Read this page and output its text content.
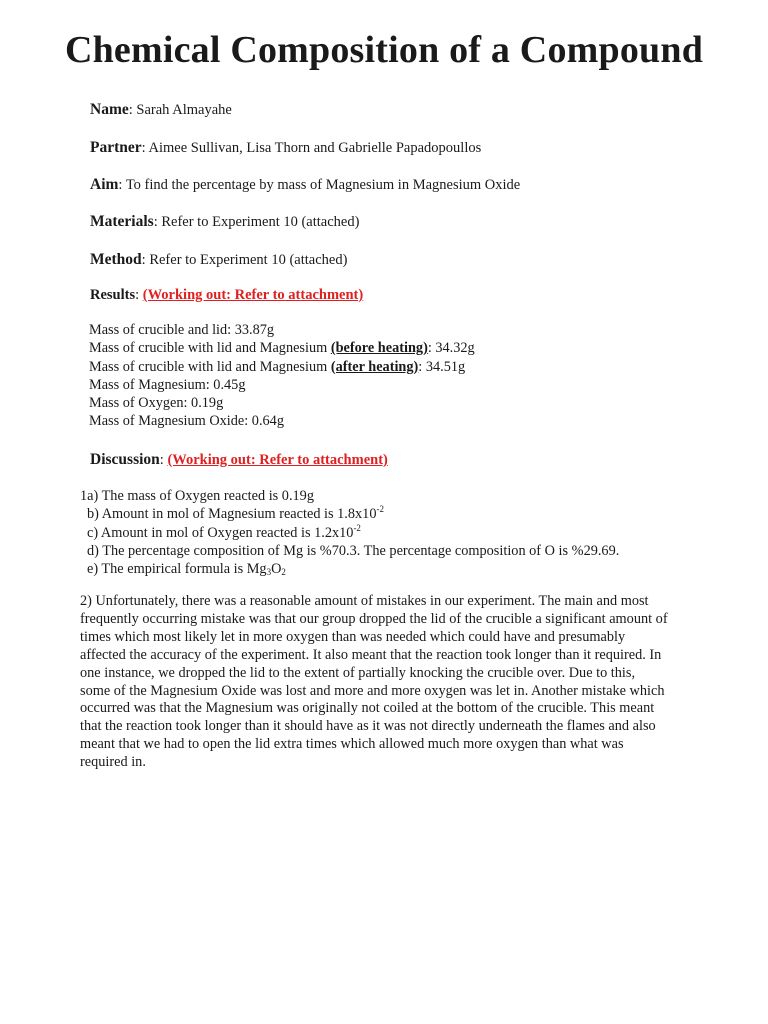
Chemical Composition of a Compound
Name: Sarah Almayahe
Partner: Aimee Sullivan, Lisa Thorn and Gabrielle Papadopoullos
Aim: To find the percentage by mass of Magnesium in Magnesium Oxide
Materials: Refer to Experiment 10 (attached)
Method: Refer to Experiment 10 (attached)
Results: (Working out: Refer to attachment)
Mass of crucible and lid: 33.87g
Mass of crucible with lid and Magnesium (before heating): 34.32g
Mass of crucible with lid and Magnesium (after heating): 34.51g
Mass of Magnesium: 0.45g
Mass of Oxygen: 0.19g
Mass of Magnesium Oxide: 0.64g
Discussion: (Working out: Refer to attachment)
1a) The mass of Oxygen reacted is 0.19g
b) Amount in mol of Magnesium reacted is $1.8x10^{-2}$
c) Amount in mol of Oxygen reacted is $1.2x10^{-2}$
d) The percentage composition of Mg is %70.3. The percentage composition of O is %29.69.
e) The empirical formula is $Mg_3O_2$

2) Unfortunately, there was a reasonable amount of mistakes in our experiment. The main and most frequently occurring mistake was that our group dropped the lid of the crucible a significant amount of times which most likely let in more oxygen than was needed which could have and presumably affected the accuracy of the experiment. It also meant that the reaction took longer than it required. In one instance, we dropped the lid to the extent of partially knocking the crucible over. Due to this, some of the Magnesium Oxide was lost and more and more oxygen was let in. Another mistake which occurred was that the Magnesium was originally not coiled at the bottom of the crucible. This meant that the reaction took longer than it should have as it was not directly underneath the flames and also meant that we had to open the lid extra times which allowed much more oxygen than what was required in.
